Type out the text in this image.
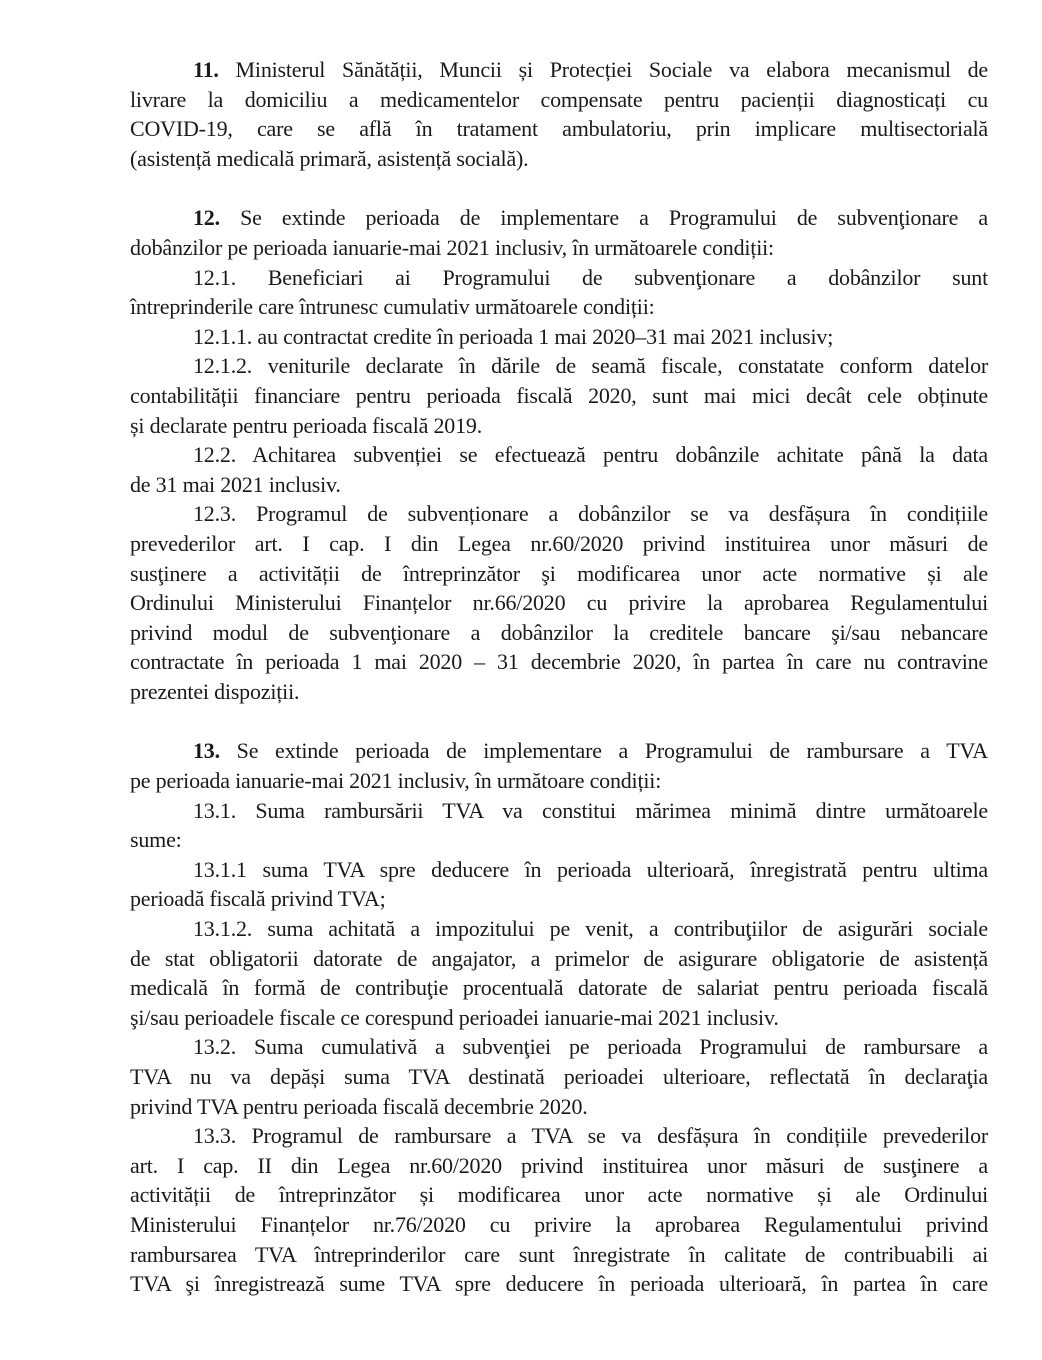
11. Ministerul Sănătății, Muncii și Protecției Sociale va elabora mecanismul de
livrare la domiciliu a medicamentelor compensate pentru pacienții diagnosticați cu
COVID-19, care se află în tratament ambulatoriu, prin implicare multisectorială
(asistență medicală primară, asistență socială).
12. Se extinde perioada de implementare a Programului de subvenţionare a
dobânzilor pe perioada ianuarie-mai 2021 inclusiv, în următoarele condiții:
12.1. Beneficiari ai Programului de subvenţionare a dobânzilor sunt
întreprinderile care întrunesc cumulativ următoarele condiții:
12.1.1. au contractat credite în perioada 1 mai 2020–31 mai 2021 inclusiv;
12.1.2. veniturile declarate în dările de seamă fiscale, constatate conform datelor
contabilității financiare pentru perioada fiscală 2020, sunt mai mici decât cele obținute
și declarate pentru perioada fiscală 2019.
12.2. Achitarea subvenției se efectuează pentru dobânzile achitate până la data
de 31 mai 2021 inclusiv.
12.3. Programul de subvenționare a dobânzilor se va desfășura în condițiile
prevederilor art. I cap. I din Legea nr.60/2020 privind instituirea unor măsuri de
susţinere a activității de întreprinzător şi modificarea unor acte normative și ale
Ordinului Ministerului Finanțelor nr.66/2020 cu privire la aprobarea Regulamentului
privind modul de subvenţionare a dobânzilor la creditele bancare şi/sau nebancare
contractate în perioada 1 mai 2020 – 31 decembrie 2020, în partea în care nu contravine
prezentei dispoziții.
13. Se extinde perioada de implementare a Programului de rambursare a TVA
pe perioada ianuarie-mai 2021 inclusiv, în următoare condiții:
13.1. Suma rambursării TVA va constitui mărimea minimă dintre următoarele
sume:
13.1.1 suma TVA spre deducere în perioada ulterioară, înregistrată pentru ultima
perioadă fiscală privind TVA;
13.1.2. suma achitată a impozitului pe venit, a contribuţiilor de asigurări sociale
de stat obligatorii datorate de angajator, a primelor de asigurare obligatorie de asistență
medicală în formă de contribuţie procentuală datorate de salariat pentru perioada fiscală
şi/sau perioadele fiscale ce corespund perioadei ianuarie-mai 2021 inclusiv.
13.2. Suma cumulativă a subvenţiei pe perioada Programului de rambursare a
TVA nu va depăși suma TVA destinată perioadei ulterioare, reflectată în declaraţia
privind TVA pentru perioada fiscală decembrie 2020.
13.3. Programul de rambursare a TVA se va desfășura în condițiile prevederilor
art. I cap. II din Legea nr.60/2020 privind instituirea unor măsuri de susţinere a
activității de întreprinzător și modificarea unor acte normative și ale Ordinului
Ministerului Finanțelor nr.76/2020 cu privire la aprobarea Regulamentului privind
rambursarea TVA întreprinderilor care sunt înregistrate în calitate de contribuabili ai
TVA şi înregistrează sume TVA spre deducere în perioada ulterioară, în partea în care
